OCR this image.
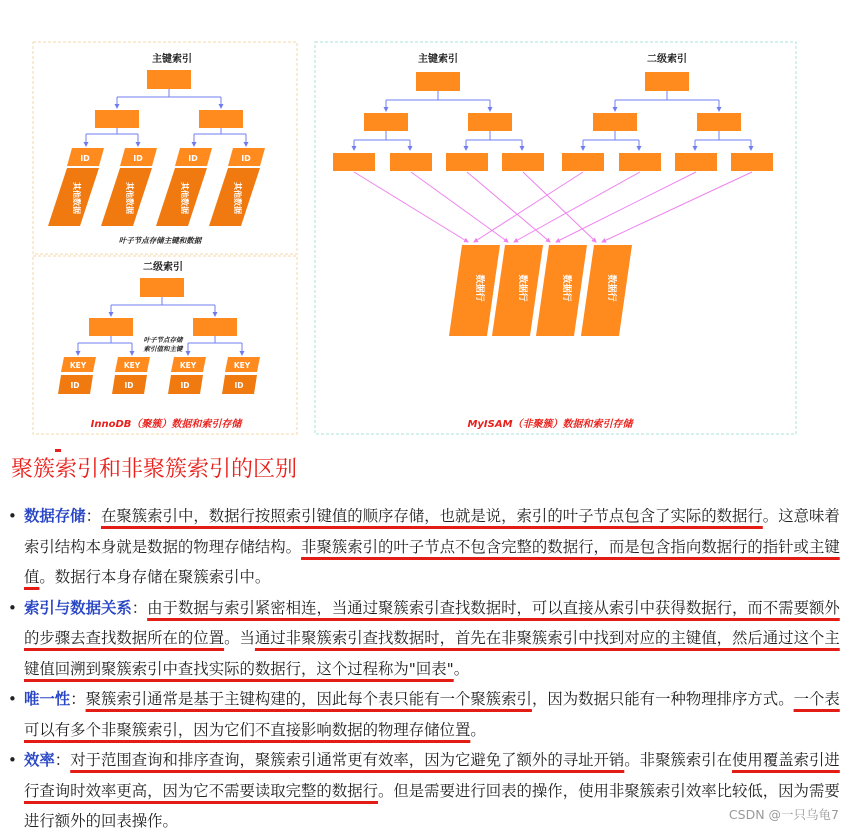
主键索引
ID
其他数据
ID
其他数据
ID
其他数据
ID
其他数据
叶子节点存储主键和数据
二级索引
叶子节点存储
索引值和主键
KEY
ID
KEY
ID
KEY
ID
KEY
ID
InnoDB（聚簇）数据和索引存储
主键索引	二级索引
数据行	数据行	数据行	数据行
MyISAM（非聚簇）数据和索引存储
聚簇索引和非聚簇索引的区别
• 数据存储：在聚簇索引中，数据行按照索引键值的顺序存储，也就是说，索引的叶子节点包含了实际的数据行。这意味着索引结构本身就是数据的物理存储结构。非聚簇索引的叶子节点不包含完整的数据行，而是包含指向数据行的指针或主键值。数据行本身存储在聚簇索引中。
• 索引与数据关系：由于数据与索引紧密相连，当通过聚簇索引查找数据时，可以直接从索引中获得数据行，而不需要额外的步骤去查找数据所在的位置。当通过非聚簇索引查找数据时，首先在非聚簇索引中找到对应的主键值，然后通过这个主键值回溯到聚簇索引中查找实际的数据行，这个过程称为"回表"。
• 唯一性：聚簇索引通常是基于主键构建的，因此每个表只能有一个聚簇索引，因为数据只能有一种物理排序方式。一个表可以有多个非聚簇索引，因为它们不直接影响数据的物理存储位置。
• 效率：对于范围查询和排序查询，聚簇索引通常更有效率，因为它避免了额外的寻址开销。非聚簇索引在使用覆盖索引进行查询时效率更高，因为它不需要读取完整的数据行。但是需要进行回表的操作，使用非聚簇索引效率比较低，因为需要进行额外的回表操作。	CSDN @一只乌龟7
